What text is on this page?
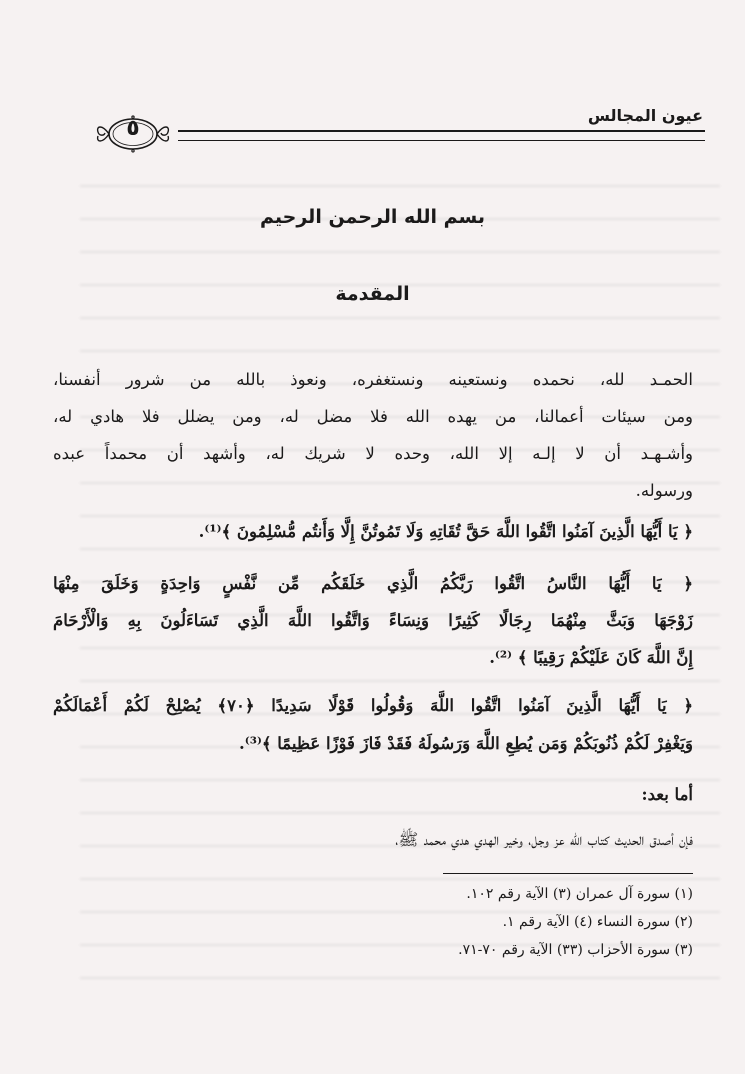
عيون المجالس
٥
بسم الله الرحمن الرحيم
المقدمة
الحمـد لله، نحمده ونستعينه ونستغفره، ونعوذ بالله من شرور أنفسنا،
ومن سيئات أعمالنا، من يهده الله فلا مضل له، ومن يضلل فلا هادي له،
وأشـهـد أن لا إلـه إلا الله، وحده لا شريك له، وأشهد أن محمداً عبده
ورسوله.
﴿ يَا أَيُّهَا الَّذِينَ آمَنُوا اتَّقُوا اللَّهَ حَقَّ تُقَاتِهِ وَلَا تَمُوتُنَّ إِلَّا وَأَنتُم مُّسْلِمُونَ ﴾⁽¹⁾.
﴿ يَا أَيُّهَا النَّاسُ اتَّقُوا رَبَّكُمُ الَّذِي خَلَقَكُم مِّن نَّفْسٍ وَاحِدَةٍ وَخَلَقَ مِنْهَا
زَوْجَهَا وَبَثَّ مِنْهُمَا رِجَالًا كَثِيرًا وَنِسَاءً وَاتَّقُوا اللَّهَ الَّذِي تَسَاءَلُونَ بِهِ وَالْأَرْحَامَ
إِنَّ اللَّهَ كَانَ عَلَيْكُمْ رَقِيبًا ﴾ ⁽²⁾.
﴿ يَا أَيُّهَا الَّذِينَ آمَنُوا اتَّقُوا اللَّهَ وَقُولُوا قَوْلًا سَدِيدًا ﴿٧٠﴾ يُصْلِحْ لَكُمْ أَعْمَالَكُمْ
وَيَغْفِرْ لَكُمْ ذُنُوبَكُمْ وَمَن يُطِعِ اللَّهَ وَرَسُولَهُ فَقَدْ فَازَ فَوْزًا عَظِيمًا ﴾⁽³⁾.
أما بعد:
فإن أصدق الحديث كتاب الله عز وجل، وخير الهدي هدي محمد ﷺ،
(١) سورة آل عمران (٣) الآية رقم ١٠٢.
(٢) سورة النساء (٤) الآية رقم ١.
(٣) سورة الأحزاب (٣٣) الآية رقم ٧٠-٧١.
